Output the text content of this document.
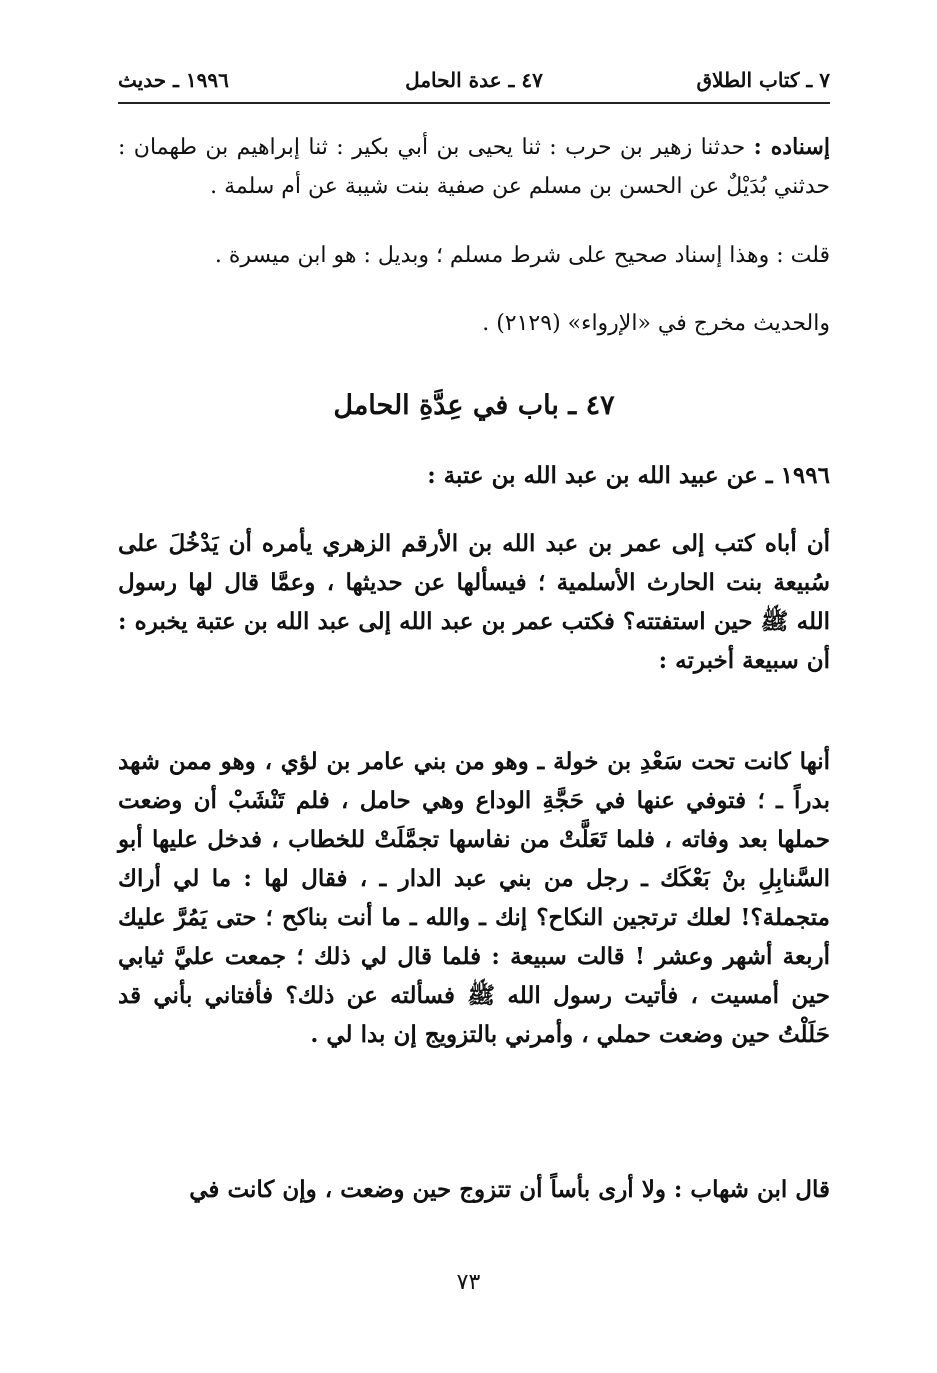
٧ ـ كتاب الطلاق
٤٧ ـ عدة الحامل
١٩٩٦ ـ حديث
إسناده : حدثنا زهير بن حرب : ثنا يحيى بن أبي بكير : ثنا إبراهيم بن طهمان : حدثني بُدَيْلٌ عن الحسن بن مسلم عن صفية بنت شيبة عن أم سلمة .
قلت : وهذا إسناد صحيح على شرط مسلم ؛ وبديل : هو ابن ميسرة .
والحديث مخرج في «الإرواء» (٢١٢٩) .
٤٧ ـ باب في عِدَّةِ الحامل
١٩٩٦ ـ عن عبيد الله بن عبد الله بن عتبة :
أن أباه كتب إلى عمر بن عبد الله بن الأرقم الزهري يأمره أن يَدْخُلَ على سُبيعة بنت الحارث الأسلمية ؛ فيسألها عن حديثها ، وعمَّا قال لها رسول الله ﷺ حين استفتته؟ فكتب عمر بن عبد الله إلى عبد الله بن عتبة يخبره : أن سبيعة أخبرته :
أنها كانت تحت سَعْدِ بن خولة ـ وهو من بني عامر بن لؤي ، وهو ممن شهد بدراً ـ ؛ فتوفي عنها في حَجَّةِ الوداع وهي حامل ، فلم تَنْشَبْ أن وضعت حملها بعد وفاته ، فلما تَعَلَّتْ من نفاسها تجمَّلَتْ للخطاب ، فدخل عليها أبو السَّنابِلِ بنْ بَعْكَك ـ رجل من بني عبد الدار ـ ، فقال لها : ما لي أراك متجملة؟! لعلك ترتجين النكاح؟ إنك ـ والله ـ ما أنت بناكح ؛ حتى يَمُرَّ عليك أربعة أشهر وعشر ! قالت سبيعة : فلما قال لي ذلك ؛ جمعت عليَّ ثيابي حين أمسيت ، فأتيت رسول الله ﷺ فسألته عن ذلك؟ فأفتاني بأني قد حَلَلْتُ حين وضعت حملي ، وأمرني بالتزويج إن بدا لي .
قال ابن شهاب : ولا أرى بأساً أن تتزوج حين وضعت ، وإن كانت في
٧٣
